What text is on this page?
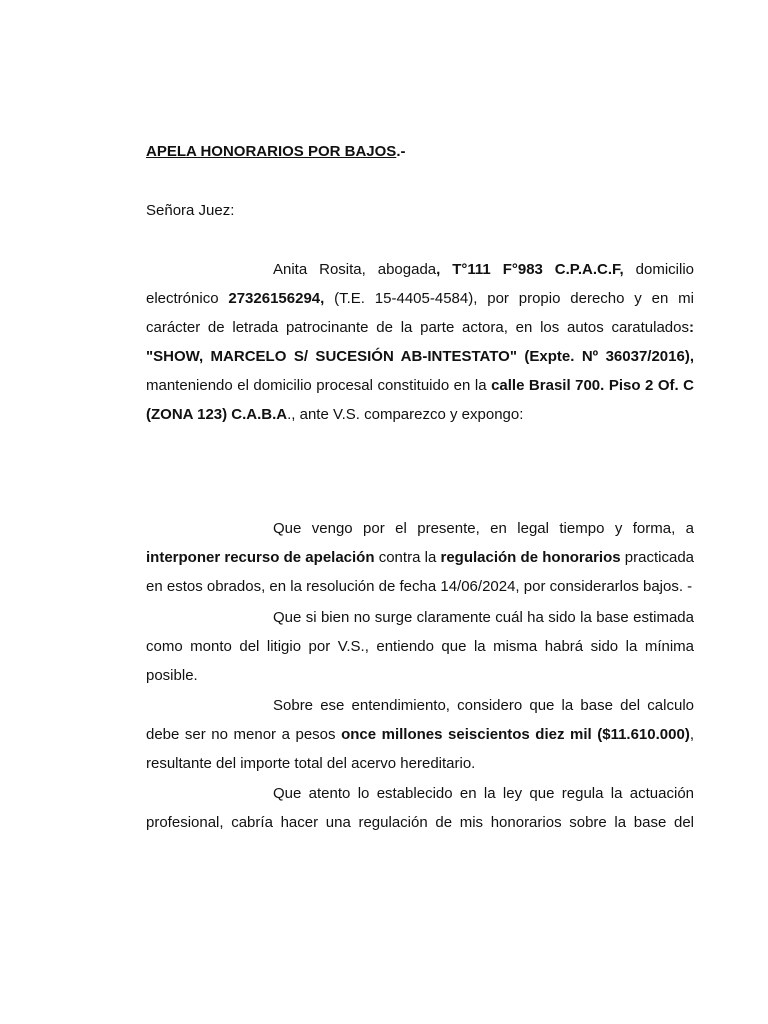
APELA HONORARIOS POR BAJOS.-
Señora Juez:

Anita Rosita, abogada, T°111 F°983 C.P.A.C.F, domicilio electrónico 27326156294, (T.E. 15-4405-4584), por propio derecho y en mi carácter de letrada patrocinante de la parte actora, en los autos caratulados: "SHOW, MARCELO S/ SUCESIÓN AB-INTESTATO" (Expte. Nº 36037/2016), manteniendo el domicilio procesal constituido en la calle Brasil 700. Piso 2 Of. C (ZONA 123) C.A.B.A., ante V.S. comparezco y expongo:

Que vengo por el presente, en legal tiempo y forma, a interponer recurso de apelación contra la regulación de honorarios practicada en estos obrados, en la resolución de fecha 14/06/2024, por considerarlos bajos. -

Que si bien no surge claramente cuál ha sido la base estimada como monto del litigio por V.S., entiendo que la misma habrá sido la mínima posible.

Sobre ese entendimiento, considero que la base del calculo debe ser no menor a pesos once millones seiscientos diez mil ($11.610.000), resultante del importe total del acervo hereditario.

Que atento lo establecido en la ley que regula la actuación profesional, cabría hacer una regulación de mis honorarios sobre la base del
